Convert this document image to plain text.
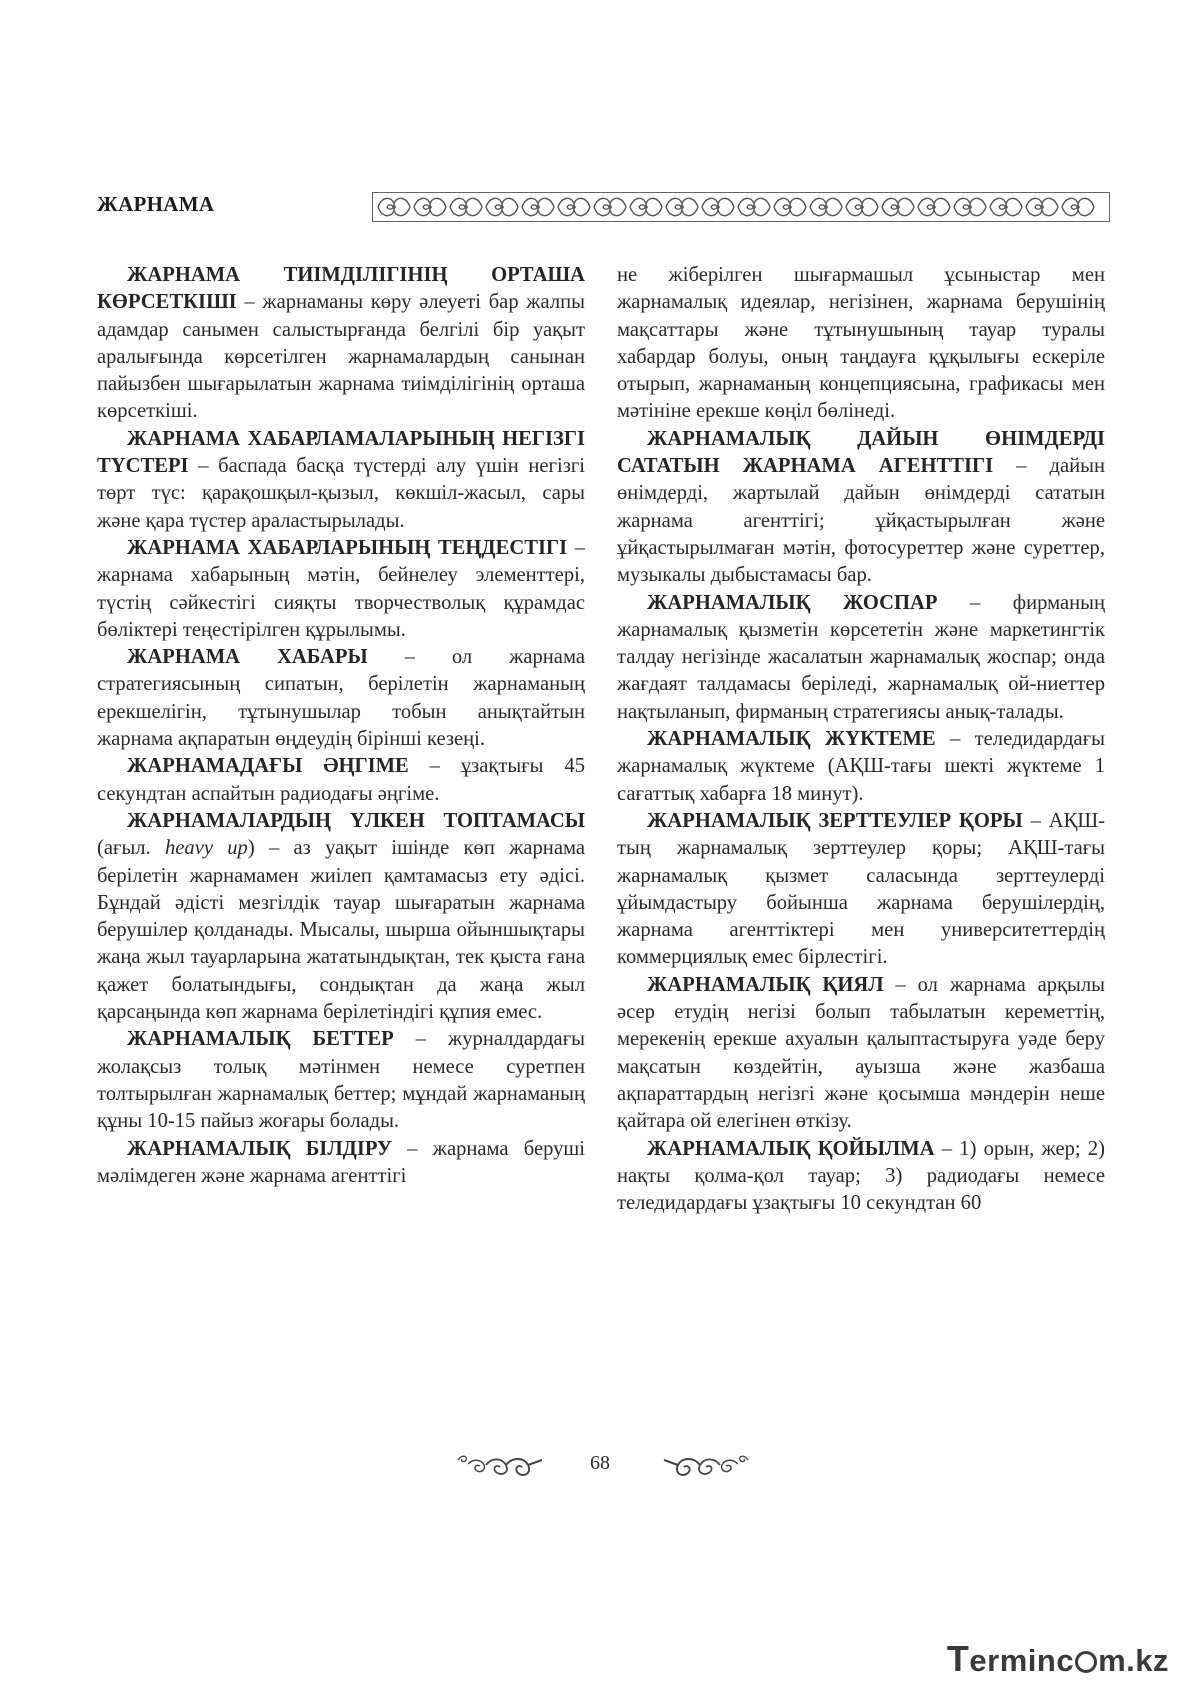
ЖАРНАМА

ЖАРНАМА ТИІМДІЛІГІНІҢ ОРТАША КӨРСЕТКІШІ – жарнаманы көру әлеуеті бар жалпы адамдар санымен салыстырғанда белгілі бір уақыт аралығында көрсетілген жарнамалардың санынан пайызбен шығарылатын жарнама тиімділігінің орташа көрсеткіші.

ЖАРНАМА ХАБАРЛАМАЛАРЫНЫҢ НЕГІЗГІ ТҮСТЕРІ – баспада басқа түстерді алу үшін негізгі төрт түс: қарақошқыл-қызыл, көкшіл-жасыл, сары және қара түстер араластырылады.

ЖАРНАМА ХАБАРЛАРЫНЫҢ ТЕҢДЕСТІГІ – жарнама хабарының мәтін, бейнелеу элементтері, түстің сәйкестігі сияқты творчестволық құрамдас бөліктері теңестірілген құрылымы.

ЖАРНАМА ХАБАРЫ – ол жарнама стратегиясының сипатын, берілетін жарнаманың ерекшелігін, тұтынушылар тобын анықтайтын жарнама ақпаратын өңдеудің бірінші кезеңі.

ЖАРНАМАДАҒЫ ӘҢГІМЕ – ұзақтығы 45 секундтан аспайтын радиодағы әңгіме.

ЖАРНАМАЛАРДЫҢ ҮЛКЕН ТОПТАМАСЫ (ағыл. heavy up) – аз уақыт ішінде көп жарнама берілетін жарнамамен жиілеп қамтамасыз ету әдісі. Бұндай әдісті мезгілдік тауар шығаратын жарнама берушілер қолданады. Мысалы, шырша ойыншықтары жаңа жыл тауарларына жататындықтан, тек қыста ғана қажет болатындығы, сондықтан да жаңа жыл қарсаңында көп жарнама берілетіндігі құпия емес.

ЖАРНАМАЛЫҚ БЕТТЕР – журналдардағы жолақсыз толық мәтінмен немесе суретпен толтырылған жарнамалық беттер; мұндай жарнаманың құны 10-15 пайыз жоғары болады.

ЖАРНАМАЛЫҚ БІЛДІРУ – жарнама беруші мәлімдеген және жарнама агенттігі

не жіберілген шығармашыл ұсыныстар мен жарнамалық идеялар, негізінен, жарнама берушінің мақсаттары және тұтынушының тауар туралы хабардар болуы, оның таңдауға құқылығы ескеріле отырып, жарнаманың концепциясына, графикасы мен мәтініне ерекше көңіл бөлінеді.

ЖАРНАМАЛЫҚ ДАЙЫН ӨНІМДЕРДІ САТАТЫН ЖАРНАМА АГЕНТТІГІ – дайын өнімдерді, жартылай дайын өнімдерді сататын жарнама агенттігі; ұйқастырылған және ұйқастырылмаған мәтін, фотосуреттер және суреттер, музыкалы дыбыстамасы бар.

ЖАРНАМАЛЫҚ ЖОСПАР – фирманың жарнамалық қызметін көрсететін және маркетингтік талдау негізінде жасалатын жарнамалық жоспар; онда жағдаят талдамасы беріледі, жарнамалық ой-ниеттер нақтыланып, фирманың стратегиясы анық-талады.

ЖАРНАМАЛЫҚ ЖҮКТЕМЕ – теледидардағы жарнамалық жүктеме (АҚШ-тағы шекті жүктеме 1 сағаттық хабарға 18 минут).

ЖАРНАМАЛЫҚ ЗЕРТТЕУЛЕР ҚОРЫ – АҚШ-тың жарнамалық зерттеулер қоры; АҚШ-тағы жарнамалық қызмет саласында зерттеулерді ұйымдастыру бойынша жарнама берушілердің, жарнама агенттіктері мен университеттердің коммерциялық емес бірлестігі.

ЖАРНАМАЛЫҚ ҚИЯЛ – ол жарнама арқылы әсер етудің негізі болып табылатын кереметтің, мерекенің ерекше ахуалын қалыптастыруға уәде беру мақсатын көздейтін, ауызша және жазбаша ақпараттардың негізгі және қосымша мәндерін неше қайтара ой елегінен өткізу.

ЖАРНАМАЛЫҚ ҚОЙЫЛМА – 1) орын, жер; 2) нақты қолма-қол тауар; 3) радиодағы немесе теледидардағы ұзақтығы 10 секундтан 60

68
Terminc m.kz
